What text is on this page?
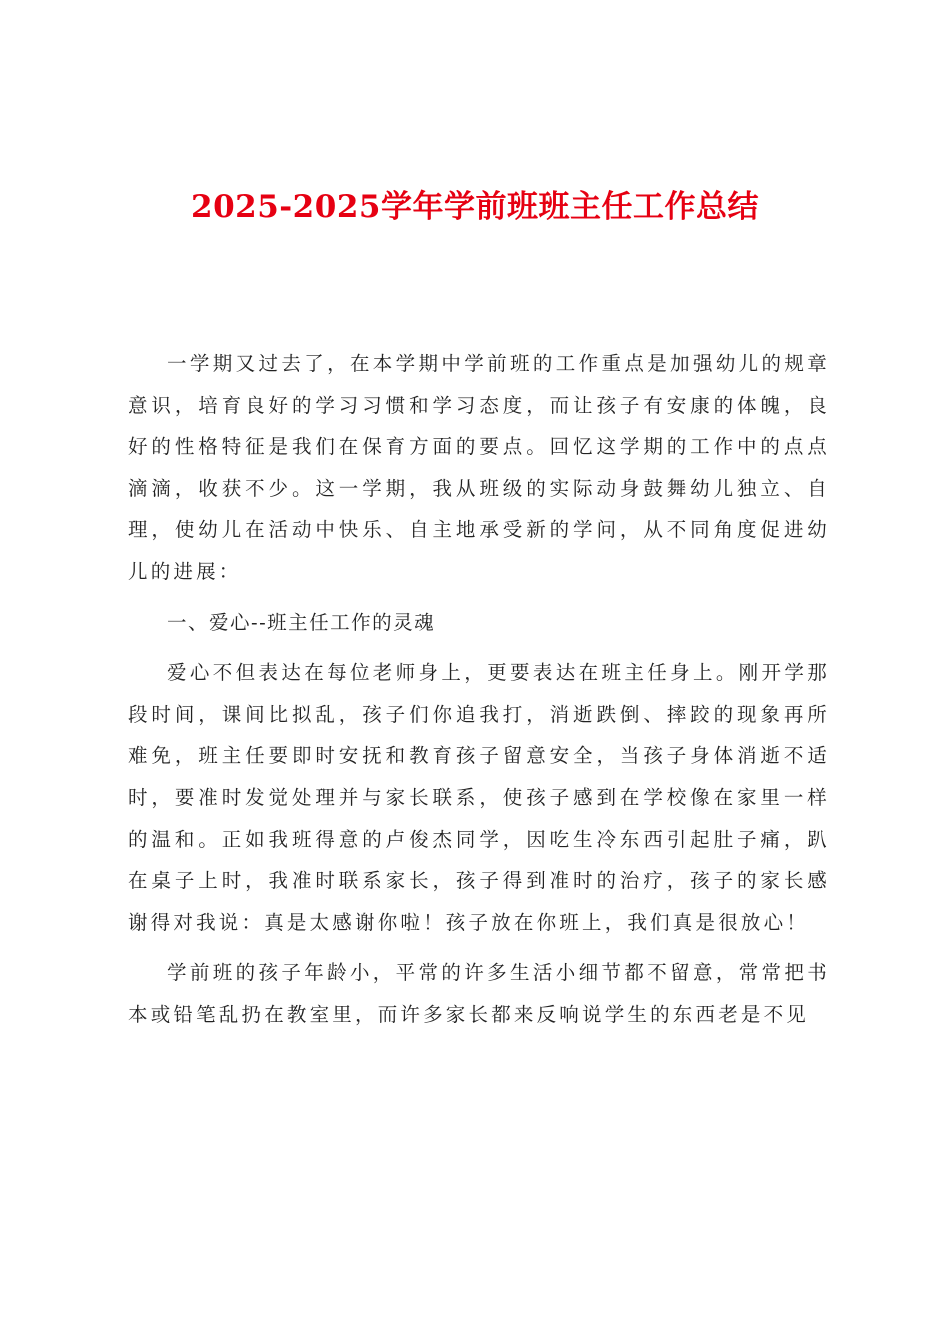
2025-2025学年学前班班主任工作总结

一学期又过去了，在本学期中学前班的工作重点是加强幼儿的规章意识，培育良好的学习习惯和学习态度，而让孩子有安康的体魄，良好的性格特征是我们在保育方面的要点。回忆这学期的工作中的点点滴滴，收获不少。这一学期，我从班级的实际动身鼓舞幼儿独立、自理，使幼儿在活动中快乐、自主地承受新的学问，从不同角度促进幼儿的进展：

一、爱心--班主任工作的灵魂

爱心不但表达在每位老师身上，更要表达在班主任身上。刚开学那段时间，课间比拟乱，孩子们你追我打，消逝跌倒、摔跤的现象再所难免，班主任要即时安抚和教育孩子留意安全，当孩子身体消逝不适时，要准时发觉处理并与家长联系，使孩子感到在学校像在家里一样的温和。正如我班得意的卢俊杰同学，因吃生冷东西引起肚子痛，趴在桌子上时，我准时联系家长，孩子得到准时的治疗，孩子的家长感谢得对我说：真是太感谢你啦！孩子放在你班上，我们真是很放心！

学前班的孩子年龄小，平常的许多生活小细节都不留意，常常把书本或铅笔乱扔在教室里，而许多家长都来反响说学生的东西老是不见
